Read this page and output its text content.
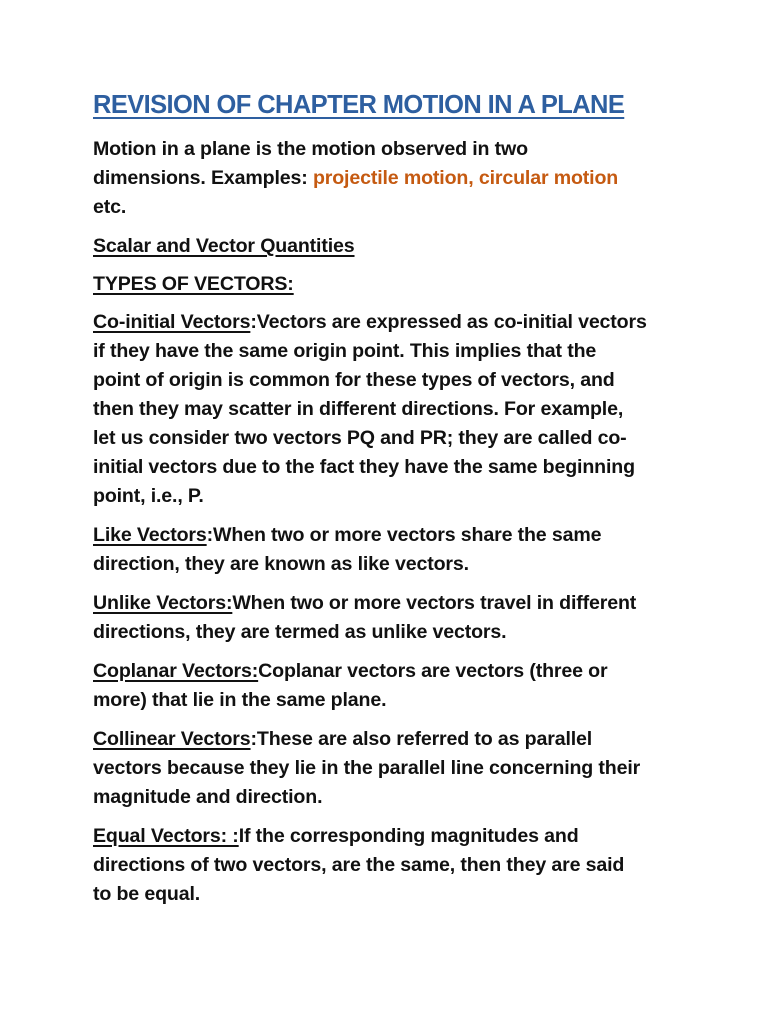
REVISION OF CHAPTER MOTION IN A PLANE

Motion in a plane is the motion observed in two
dimensions. Examples: projectile motion, circular motion
etc.

Scalar and Vector Quantities

TYPES OF VECTORS:

Co-initial Vectors:Vectors are expressed as co-initial vectors
if they have the same origin point. This implies that the
point of origin is common for these types of vectors, and
then they may scatter in different directions. For example,
let us consider two vectors PQ and PR; they are called co-
initial vectors due to the fact they have the same beginning
point, i.e., P.

Like Vectors:When two or more vectors share the same
direction, they are known as like vectors.

Unlike Vectors:When two or more vectors travel in different
directions, they are termed as unlike vectors.

Coplanar Vectors:Coplanar vectors are vectors (three or
more) that lie in the same plane.

Collinear Vectors:These are also referred to as parallel
vectors because they lie in the parallel line concerning their
magnitude and direction.

Equal Vectors: :If the corresponding magnitudes and
directions of two vectors, are the same, then they are said
to be equal.
